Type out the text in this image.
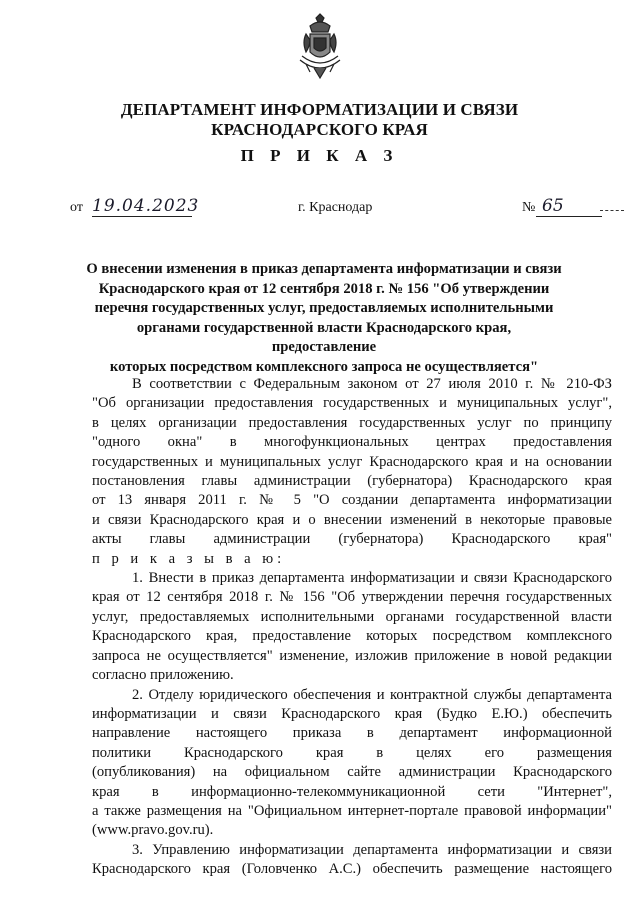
ДЕПАРТАМЕНТ ИНФОРМАТИЗАЦИИ И СВЯЗИ
КРАСНОДАРСКОГО КРАЯ
П Р И К А З
от 19.04.2023	г. Краснодар	№ 65
О внесении изменения в приказ департамента информатизации и связи
Краснодарского края от 12 сентября 2018 г. № 156 "Об утверждении
перечня государственных услуг, предоставляемых исполнительными
органами государственной власти Краснодарского края, предоставление
которых посредством комплексного запроса не осуществляется"
В соответствии с Федеральным законом от 27 июля 2010 г. № 210-ФЗ
"Об организации предоставления государственных и муниципальных услуг",
в целях организации предоставления государственных услуг по принципу
"одного окна" в многофункциональных центрах предоставления
государственных и муниципальных услуг Краснодарского края и на основании
постановления главы администрации (губернатора) Краснодарского края
от 13 января 2011 г. № 5 "О создании департамента информатизации
и связи Краснодарского края и о внесении изменений в некоторые правовые
акты главы администрации (губернатора) Краснодарского края"
п р и к а з ы в а ю:
1. Внести в приказ департамента информатизации и связи Краснодарского
края от 12 сентября 2018 г. № 156 "Об утверждении перечня государственных
услуг, предоставляемых исполнительными органами государственной власти
Краснодарского края, предоставление которых посредством комплексного
запроса не осуществляется" изменение, изложив приложение в новой редакции
согласно приложению.
2. Отделу юридического обеспечения и контрактной службы департамента
информатизации и связи Краснодарского края (Будко Е.Ю.) обеспечить
направление настоящего приказа в департамент информационной
политики Краснодарского края в целях его размещения
(опубликования) на официальном сайте администрации Краснодарского
края в информационно-телекоммуникационной сети "Интернет",
а также размещения на "Официальном интернет-портале правовой информации"
(www.pravo.gov.ru).
3. Управлению информатизации департамента информатизации и связи
Краснодарского края (Головченко А.С.) обеспечить размещение настоящего
